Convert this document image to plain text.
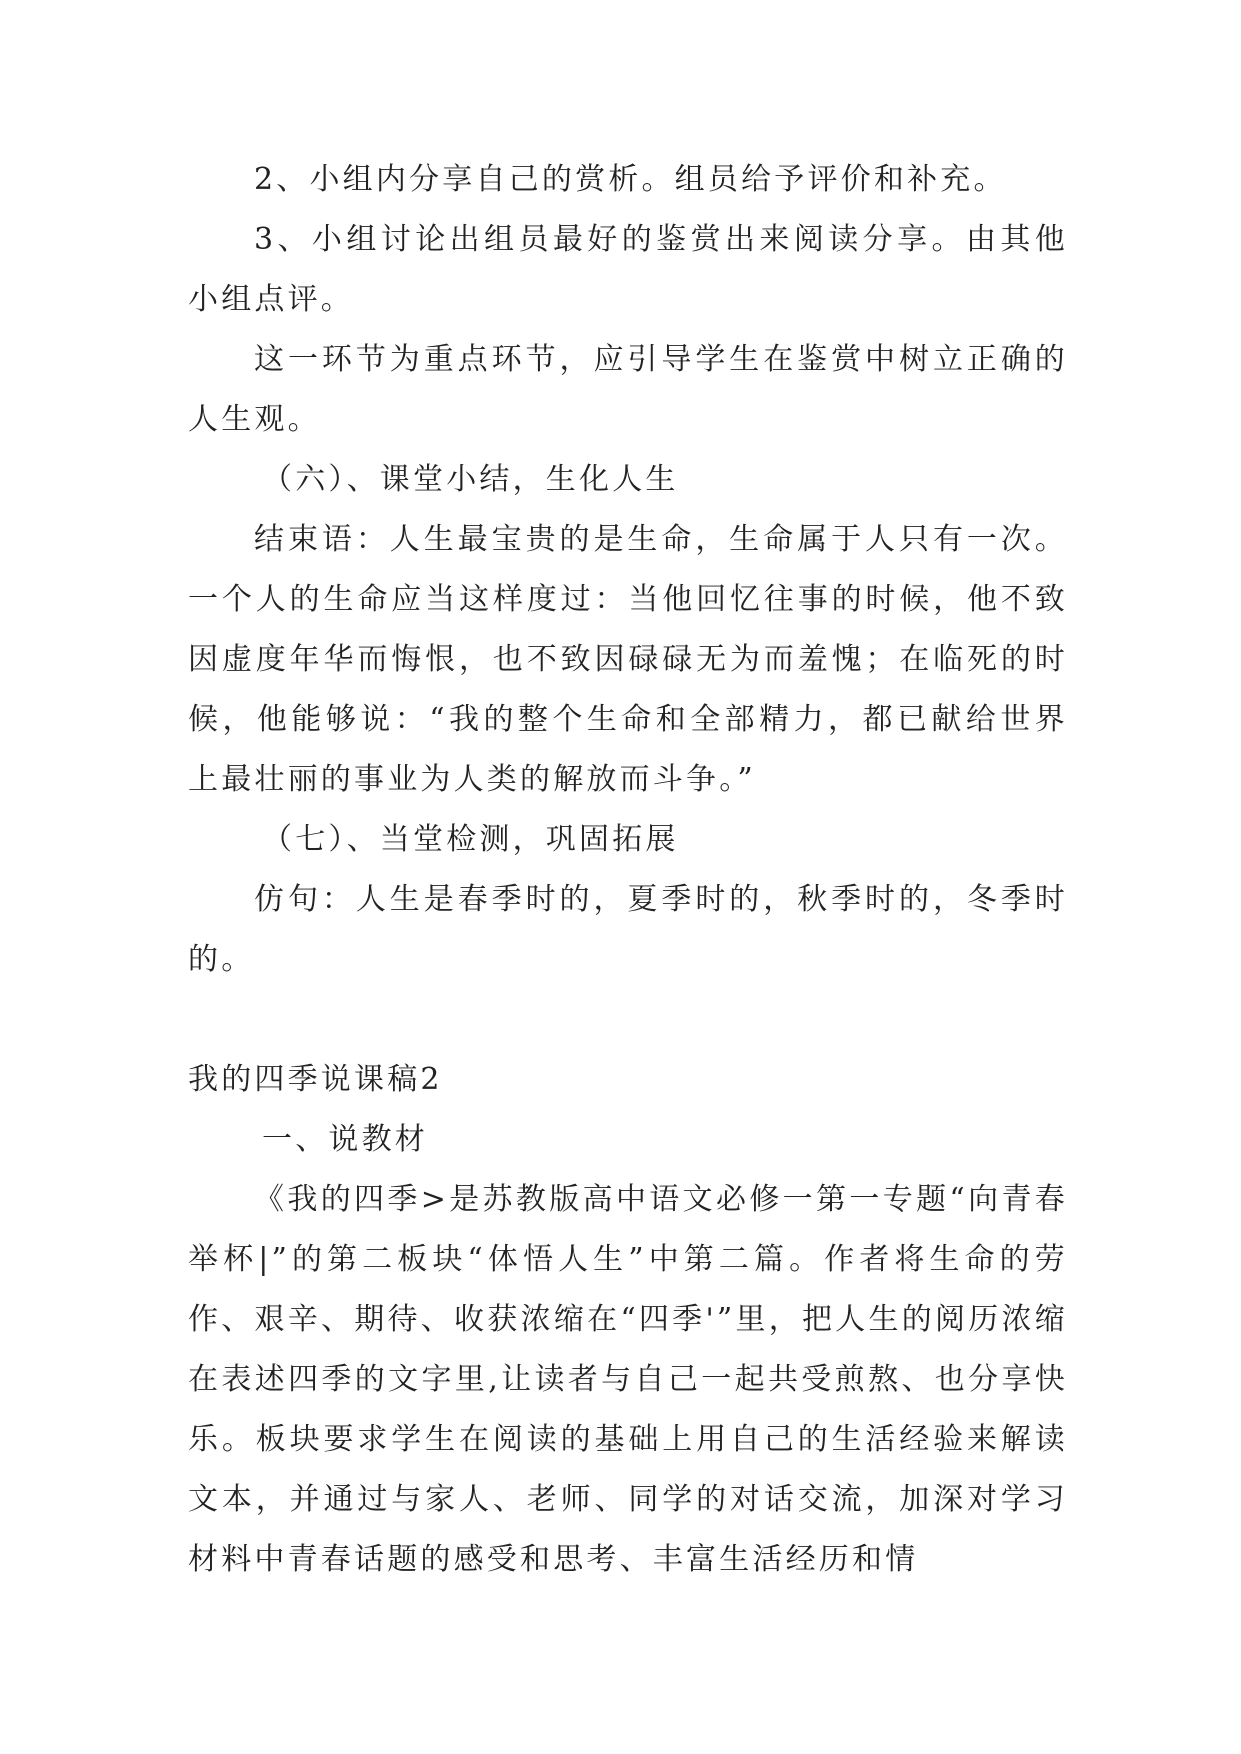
2、小组内分享自己的赏析。组员给予评价和补充。

3、小组讨论出组员最好的鉴赏出来阅读分享。由其他小组点评。

这一环节为重点环节，应引导学生在鉴赏中树立正确的人生观。

（六）、课堂小结，生化人生

结束语：人生最宝贵的是生命，生命属于人只有一次。一个人的生命应当这样度过：当他回忆往事的时候，他不致因虚度年华而悔恨，也不致因碌碌无为而羞愧；在临死的时候，他能够说：“我的整个生命和全部精力，都已献给世界上最壮丽的事业为人类的解放而斗争。”

（七）、当堂检测，巩固拓展

仿句：人生是春季时的，夏季时的，秋季时的，冬季时的。

我的四季说课稿2

一、说教材

《我的四季>是苏教版高中语文必修一第一专题“向青春举杯|”的第二板块“体悟人生”中第二篇。作者将生命的劳作、艰辛、期待、收获浓缩在“四季'”里，把人生的阅历浓缩在表述四季的文字里,让读者与自己一起共受煎熬、也分享快乐。板块要求学生在阅读的基础上用自己的生活经验来解读文本，并通过与家人、老师、同学的对话交流，加深对学习材料中青春话题的感受和思考、丰富生活经历和情
